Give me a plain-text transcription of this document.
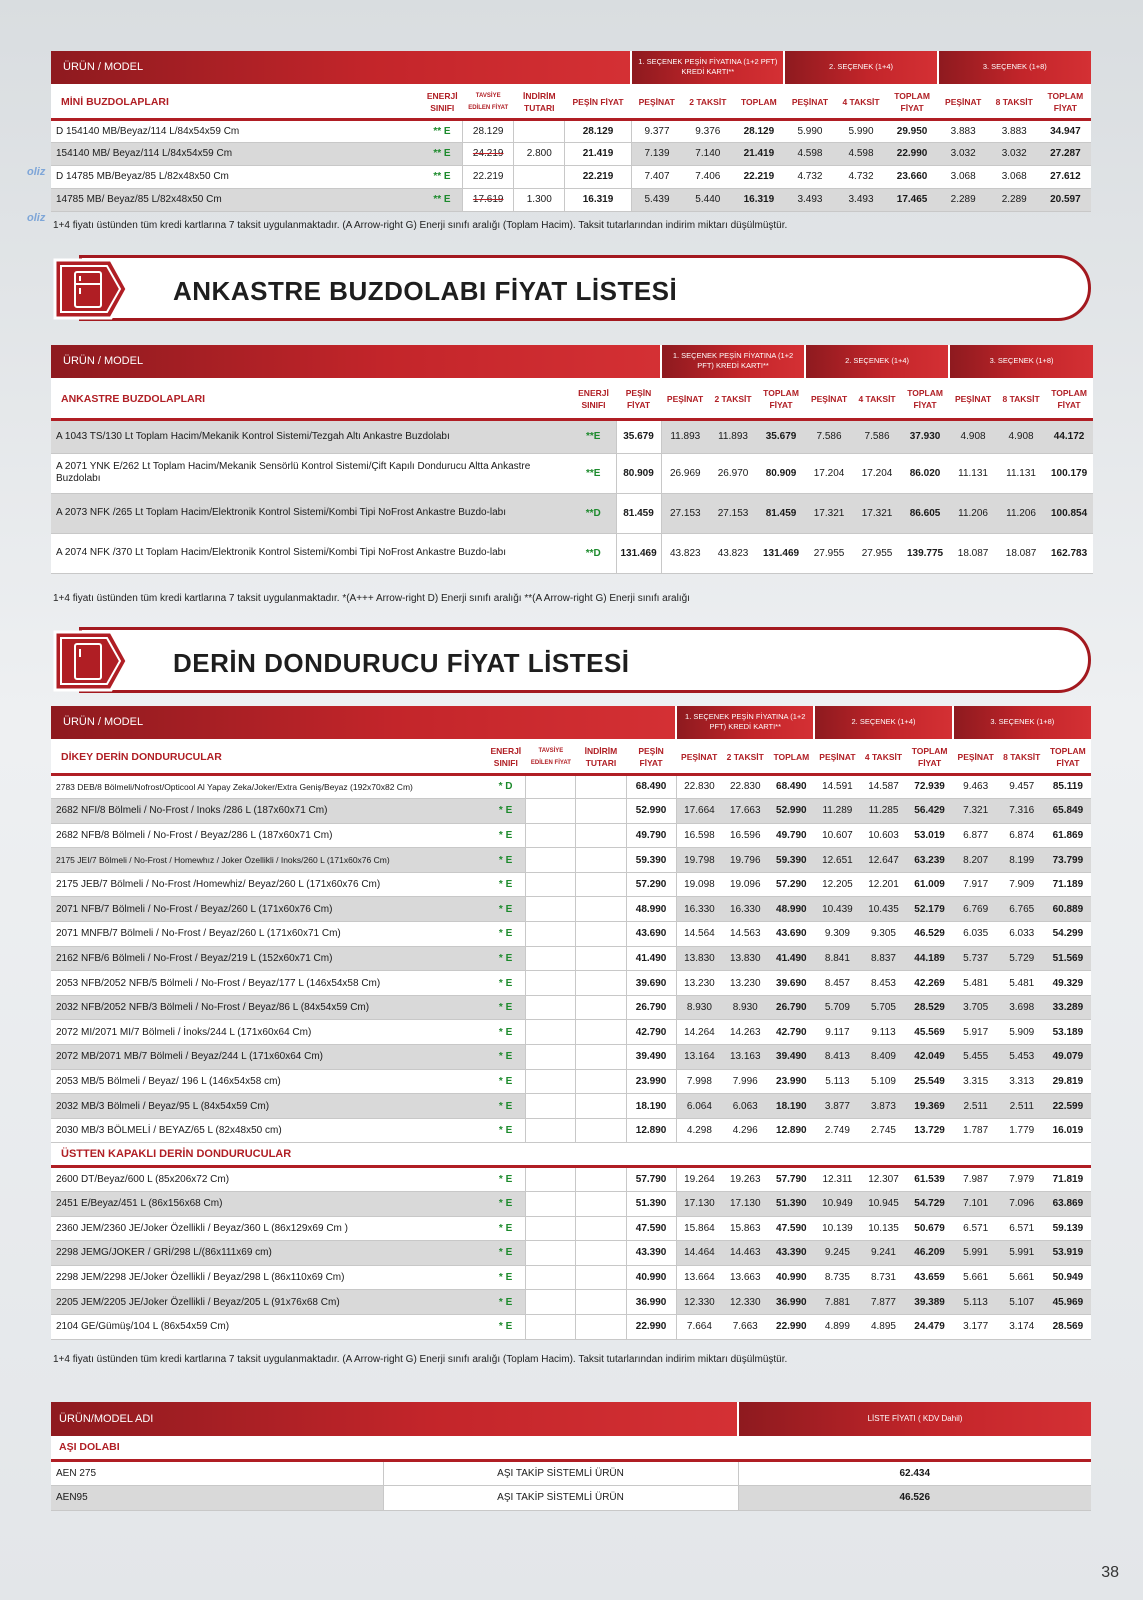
ÜRÜN / MODEL					1. SEÇENEK PEŞİN FİYATINA (1+2 PFT) KREDİ KARTI**			2. SEÇENEK (1+4)			3. SEÇENEK (1+8)		
MİNİ BUZDOLAPLARI	ENERJİ SINIFI	TAVSİYE EDİLEN FİYAT	İNDİRİM TUTARI	PEŞİN FİYAT	PEŞİNAT	2 TAKSİT	TOPLAM	PEŞİNAT	4 TAKSİT	TOPLAM FİYAT	PEŞİNAT	8 TAKSİT	TOPLAM FİYAT
D 154140 MB/Beyaz/114 L/84x54x59 Cm	** E	28.129		28.129	9.377	9.376	28.129	5.990	5.990	29.950	3.883	3.883	34.947
154140 MB/ Beyaz/114 L/84x54x59 Cm	** E	24.219	2.800	21.419	7.139	7.140	21.419	4.598	4.598	22.990	3.032	3.032	27.287
D 14785 MB/Beyaz/85 L/82x48x50 Cm	** E	22.219		22.219	7.407	7.406	22.219	4.732	4.732	23.660	3.068	3.068	27.612
14785 MB/ Beyaz/85 L/82x48x50 Cm	** E	17.619	1.300	16.319	5.439	5.440	16.319	3.493	3.493	17.465	2.289	2.289	20.597
oliz
oliz
1+4 fiyatı üstünden tüm kredi kartlarına 7 taksit uygulanmaktadır. (A Arrow-right G) Enerji sınıfı aralığı (Toplam Hacim). Taksit tutarlarından indirim miktarı düşülmüştür.
ANKASTRE BUZDOLABI FİYAT LİSTESİ
ÜRÜN / MODEL			1. SEÇENEK PEŞİN FİYATINA (1+2 PFT) KREDİ KARTI**			2. SEÇENEK (1+4)			3. SEÇENEK (1+8)		
ANKASTRE BUZDOLAPLARI	ENERJİ SINIFI	PEŞİN FİYAT	PEŞİNAT	2 TAKSİT	TOPLAM FİYAT	PEŞİNAT	4 TAKSİT	TOPLAM FİYAT	PEŞİNAT	8 TAKSİT	TOPLAM FİYAT
A 1043 TS/130 Lt Toplam Hacim/Mekanik Kontrol Sistemi/Tezgah Altı Ankastre Buzdolabı	**E	35.679	11.893	11.893	35.679	7.586	7.586	37.930	4.908	4.908	44.172
A 2071 YNK E/262 Lt Toplam Hacim/Mekanik Sensörlü Kontrol Sistemi/Çift Kapılı Dondurucu Altta Ankastre Buzdolabı	**E	80.909	26.969	26.970	80.909	17.204	17.204	86.020	11.131	11.131	100.179
A 2073 NFK /265 Lt Toplam Hacim/Elektronik Kontrol Sistemi/Kombi Tipi NoFrost Ankastre Buzdo-labı	**D	81.459	27.153	27.153	81.459	17.321	17.321	86.605	11.206	11.206	100.854
A 2074 NFK /370 Lt Toplam Hacim/Elektronik Kontrol Sistemi/Kombi Tipi NoFrost Ankastre Buzdo-labı	**D	131.469	43.823	43.823	131.469	27.955	27.955	139.775	18.087	18.087	162.783
1+4 fiyatı üstünden tüm kredi kartlarına 7 taksit uygulanmaktadır. *(A+++ Arrow-right D) Enerji sınıfı aralığı **(A Arrow-right G) Enerji sınıfı aralığı
DERİN DONDURUCU FİYAT LİSTESİ
ÜRÜN / MODEL					1. SEÇENEK PEŞİN FİYATINA (1+2 PFT) KREDİ KARTI**			2. SEÇENEK (1+4)			3. SEÇENEK (1+8)		
DİKEY DERİN DONDURUCULAR	ENERJİ SINIFI	TAVSİYE EDİLEN FİYAT	İNDİRİM TUTARI	PEŞİN FİYAT	PEŞİNAT	2 TAKSİT	TOPLAM	PEŞİNAT	4 TAKSİT	TOPLAM FİYAT	PEŞİNAT	8 TAKSİT	TOPLAM FİYAT
2783 DEB/8 Bölmeli/Nofrost/Opticool Al Yapay Zeka/Joker/Extra Geniş/Beyaz (192x70x82 Cm)	* D			68.490	22.830	22.830	68.490	14.591	14.587	72.939	9.463	9.457	85.119
2682 NFI/8 Bölmeli / No-Frost / Inoks /286 L (187x60x71 Cm)	* E			52.990	17.664	17.663	52.990	11.289	11.285	56.429	7.321	7.316	65.849
2682 NFB/8 Bölmeli / No-Frost / Beyaz/286 L (187x60x71 Cm)	* E			49.790	16.598	16.596	49.790	10.607	10.603	53.019	6.877	6.874	61.869
2175 JEI/7 Bölmeli / No-Frost / Homewhız / Joker Özellikli / Inoks/260 L (171x60x76 Cm)	* E			59.390	19.798	19.796	59.390	12.651	12.647	63.239	8.207	8.199	73.799
2175 JEB/7 Bölmeli / No-Frost /Homewhiz/ Beyaz/260 L (171x60x76 Cm)	* E			57.290	19.098	19.096	57.290	12.205	12.201	61.009	7.917	7.909	71.189
2071 NFB/7 Bölmeli / No-Frost / Beyaz/260 L (171x60x76 Cm)	* E			48.990	16.330	16.330	48.990	10.439	10.435	52.179	6.769	6.765	60.889
2071 MNFB/7 Bölmeli / No-Frost / Beyaz/260 L (171x60x71 Cm)	* E			43.690	14.564	14.563	43.690	9.309	9.305	46.529	6.035	6.033	54.299
2162 NFB/6 Bölmeli / No-Frost / Beyaz/219 L (152x60x71 Cm)	* E			41.490	13.830	13.830	41.490	8.841	8.837	44.189	5.737	5.729	51.569
2053 NFB/2052 NFB/5 Bölmeli / No-Frost / Beyaz/177 L (146x54x58 Cm)	* E			39.690	13.230	13.230	39.690	8.457	8.453	42.269	5.481	5.481	49.329
2032 NFB/2052 NFB/3 Bölmeli / No-Frost / Beyaz/86 L (84x54x59 Cm)	* E			26.790	8.930	8.930	26.790	5.709	5.705	28.529	3.705	3.698	33.289
2072 MI/2071 MI/7 Bölmeli / İnoks/244 L (171x60x64 Cm)	* E			42.790	14.264	14.263	42.790	9.117	9.113	45.569	5.917	5.909	53.189
2072 MB/2071 MB/7 Bölmeli / Beyaz/244 L (171x60x64 Cm)	* E			39.490	13.164	13.163	39.490	8.413	8.409	42.049	5.455	5.453	49.079
2053 MB/5 Bölmeli / Beyaz/ 196 L (146x54x58 cm)	* E			23.990	7.998	7.996	23.990	5.113	5.109	25.549	3.315	3.313	29.819
2032 MB/3 Bölmeli / Beyaz/95 L (84x54x59 Cm)	* E			18.190	6.064	6.063	18.190	3.877	3.873	19.369	2.511	2.511	22.599
2030 MB/3 BÖLMELİ / BEYAZ/65 L (82x48x50 cm)	* E			12.890	4.298	4.296	12.890	2.749	2.745	13.729	1.787	1.779	16.019
ÜSTTEN KAPAKLI DERİN DONDURUCULAR													
2600 DT/Beyaz/600 L (85x206x72 Cm)	* E			57.790	19.264	19.263	57.790	12.311	12.307	61.539	7.987	7.979	71.819
2451 E/Beyaz/451 L (86x156x68 Cm)	* E			51.390	17.130	17.130	51.390	10.949	10.945	54.729	7.101	7.096	63.869
2360 JEM/2360 JE/Joker Özellikli / Beyaz/360 L (86x129x69 Cm )	* E			47.590	15.864	15.863	47.590	10.139	10.135	50.679	6.571	6.571	59.139
2298 JEMG/JOKER / GRİ/298 L/(86x111x69 cm)	* E			43.390	14.464	14.463	43.390	9.245	9.241	46.209	5.991	5.991	53.919
2298 JEM/2298 JE/Joker Özellikli / Beyaz/298 L (86x110x69 Cm)	* E			40.990	13.664	13.663	40.990	8.735	8.731	43.659	5.661	5.661	50.949
2205 JEM/2205 JE/Joker Özellikli / Beyaz/205 L (91x76x68 Cm)	* E			36.990	12.330	12.330	36.990	7.881	7.877	39.389	5.113	5.107	45.969
2104 GE/Gümüş/104 L (86x54x59 Cm)	* E			22.990	7.664	7.663	22.990	4.899	4.895	24.479	3.177	3.174	28.569
1+4 fiyatı üstünden tüm kredi kartlarına 7 taksit uygulanmaktadır. (A Arrow-right G) Enerji sınıfı aralığı (Toplam Hacim). Taksit tutarlarından indirim miktarı düşülmüştür.
ÜRÜN/MODEL ADI		LİSTE FİYATI ( KDV Dahil)
AŞI DOLABI		
AEN 275	AŞI TAKİP SİSTEMLİ ÜRÜN	62.434
AEN95	AŞI TAKİP SİSTEMLİ ÜRÜN	46.526
38
